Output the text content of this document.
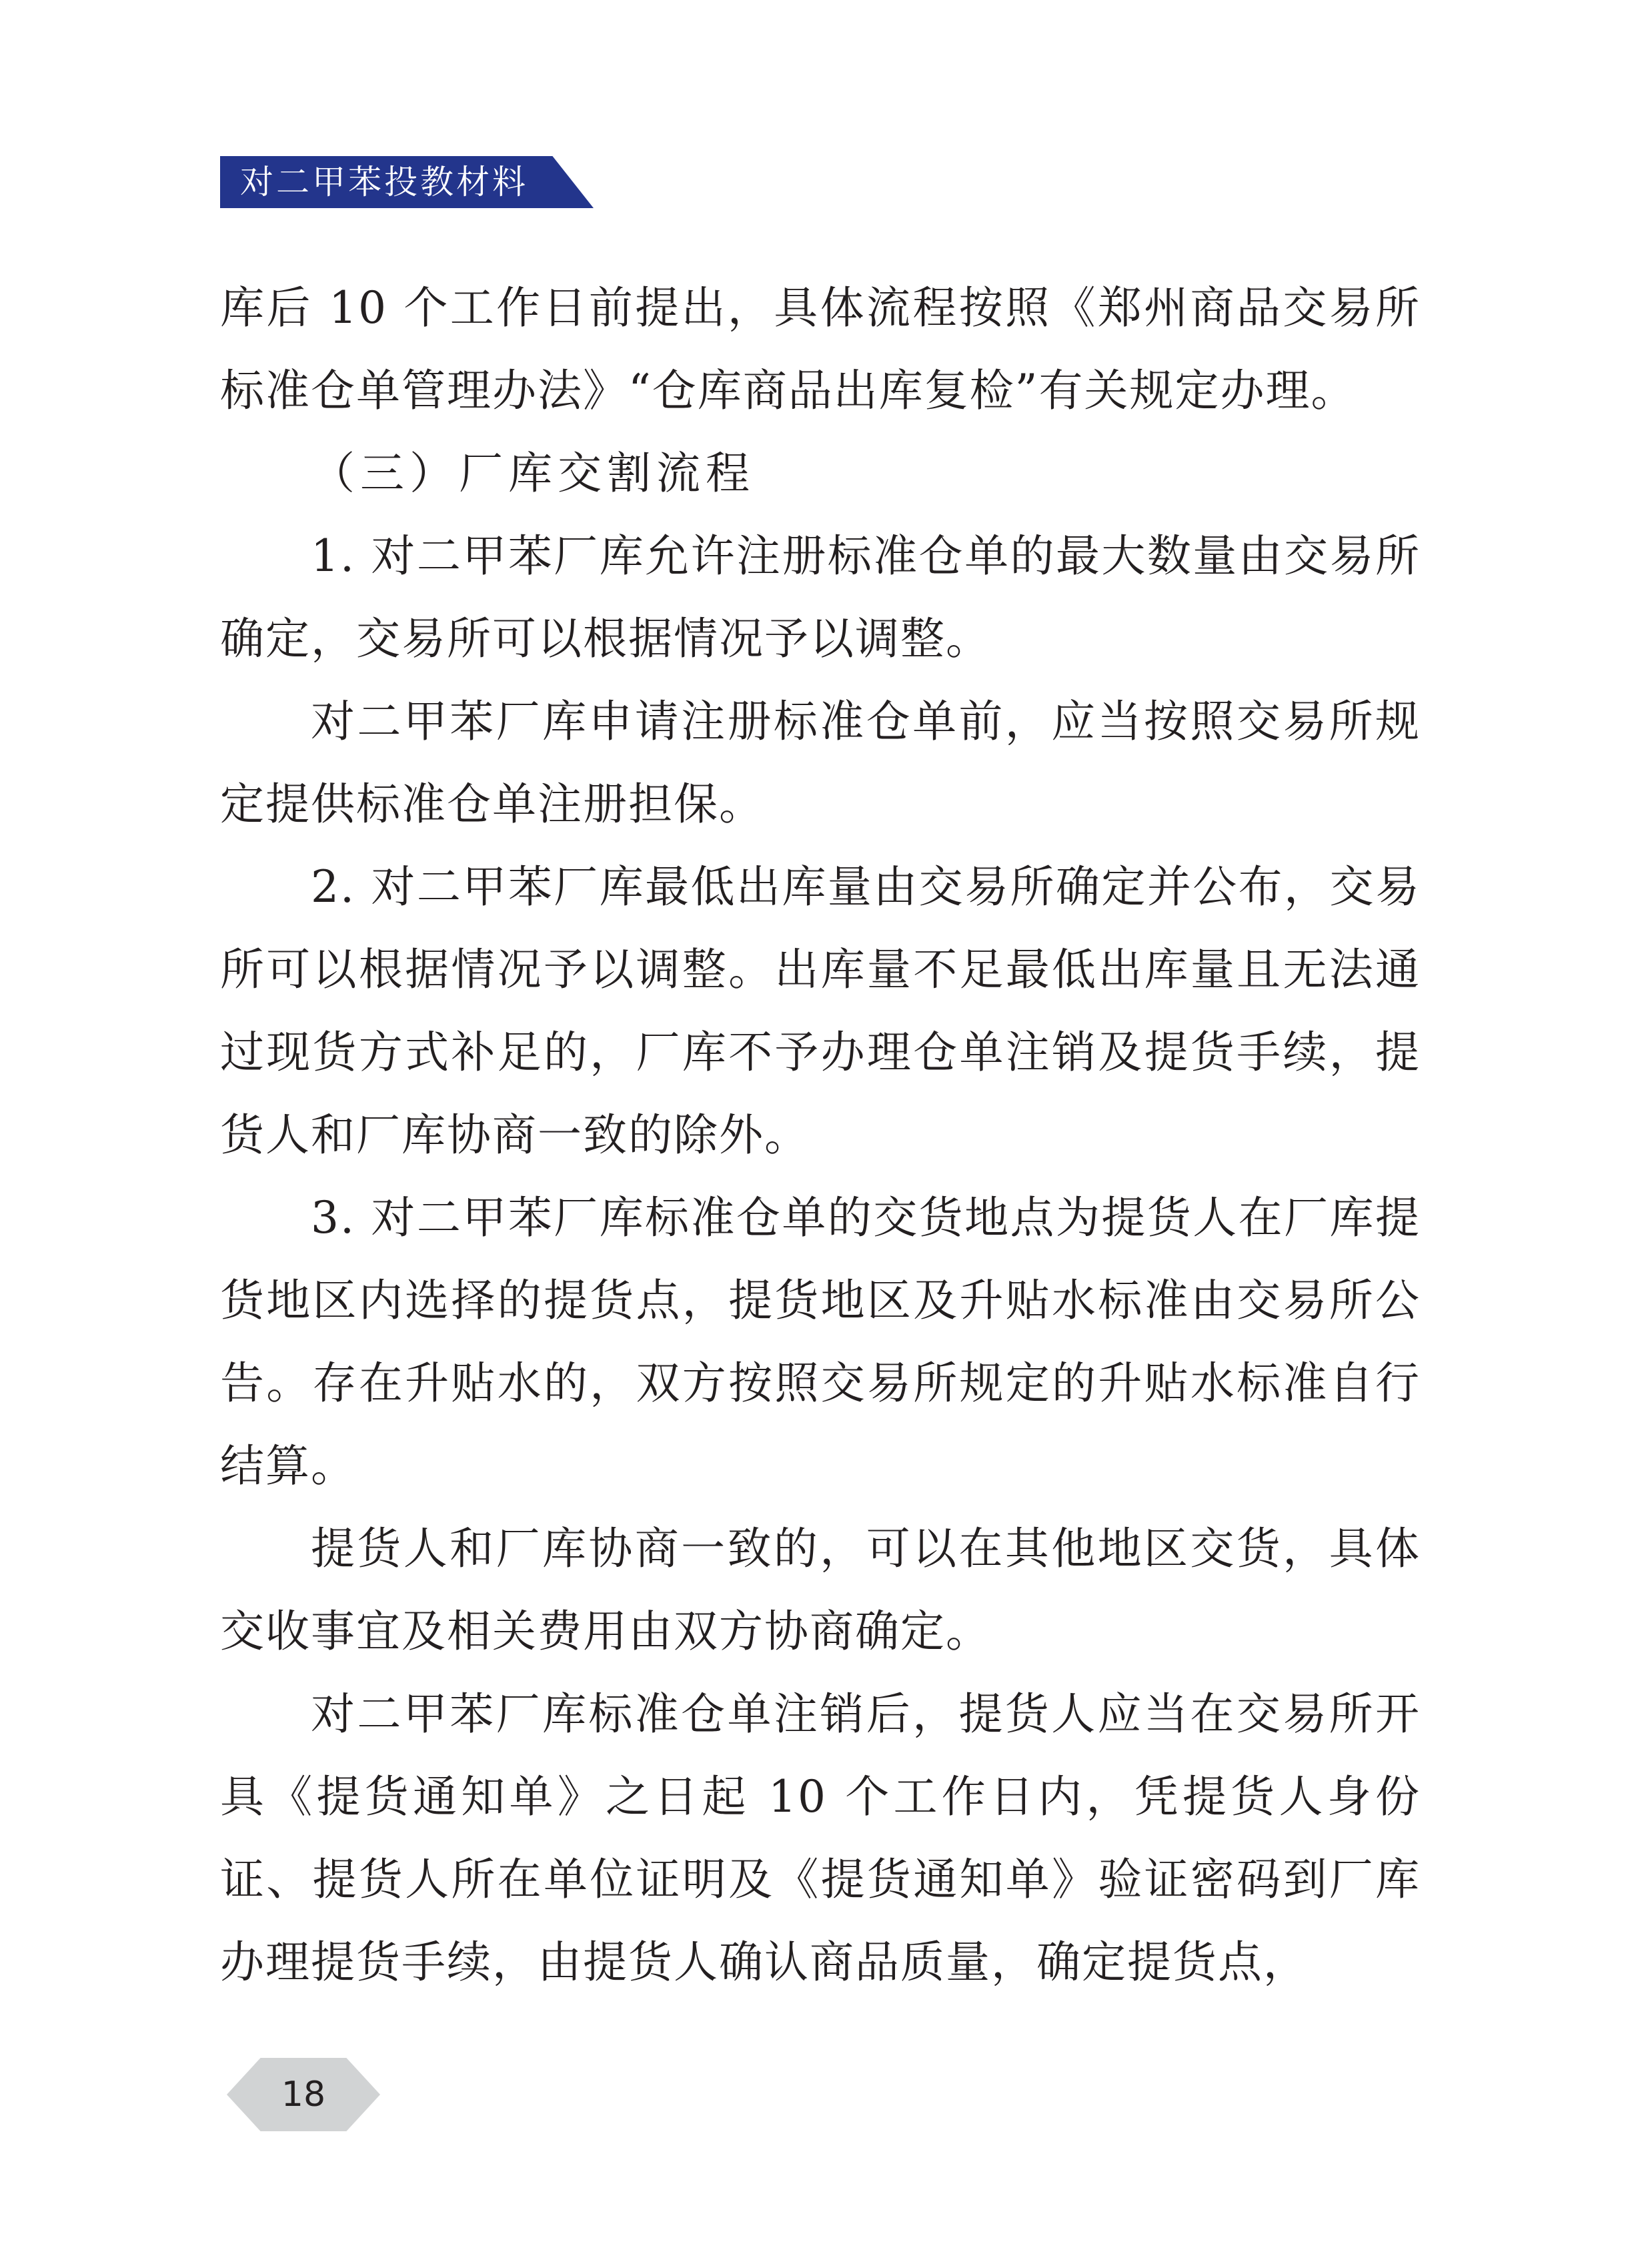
对二甲苯投教材料

库后 10 个工作日前提出，具体流程按照《郑州商品交易所标准仓单管理办法》“仓库商品出库复检”有关规定办理。

（三）厂库交割流程

1. 对二甲苯厂库允许注册标准仓单的最大数量由交易所确定，交易所可以根据情况予以调整。

对二甲苯厂库申请注册标准仓单前，应当按照交易所规定提供标准仓单注册担保。

2. 对二甲苯厂库最低出库量由交易所确定并公布，交易所可以根据情况予以调整。出库量不足最低出库量且无法通过现货方式补足的，厂库不予办理仓单注销及提货手续，提货人和厂库协商一致的除外。

3. 对二甲苯厂库标准仓单的交货地点为提货人在厂库提货地区内选择的提货点，提货地区及升贴水标准由交易所公告。存在升贴水的，双方按照交易所规定的升贴水标准自行结算。

提货人和厂库协商一致的，可以在其他地区交货，具体交收事宜及相关费用由双方协商确定。

对二甲苯厂库标准仓单注销后，提货人应当在交易所开具《提货通知单》之日起 10 个工作日内，凭提货人身份证、提货人所在单位证明及《提货通知单》验证密码到厂库办理提货手续，由提货人确认商品质量，确定提货点，

18
